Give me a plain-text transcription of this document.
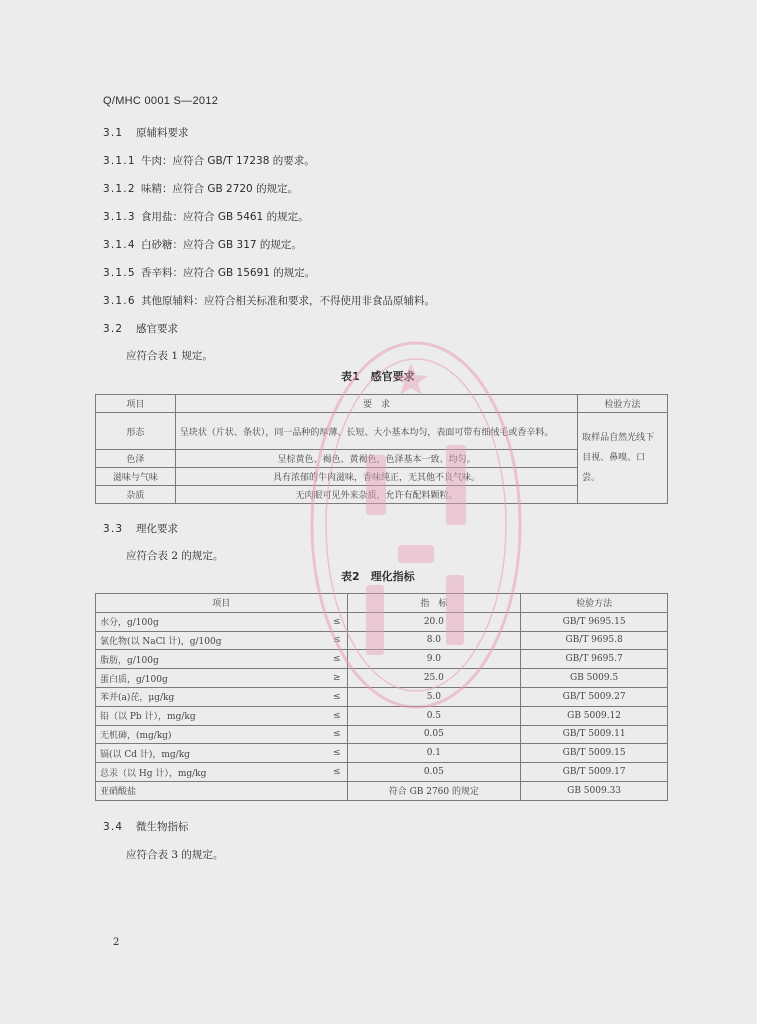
Q/MHC 0001 S—2012
3.1 原辅料要求
3.1.1 牛肉：应符合 GB/T 17238 的要求。
3.1.2 味精：应符合 GB 2720 的规定。
3.1.3 食用盐：应符合 GB 5461 的规定。
3.1.4 白砂糖：应符合 GB 317 的规定。
3.1.5 香辛料：应符合 GB 15691 的规定。
3.1.6 其他原辅料：应符合相关标准和要求，不得使用非食品原辅料。
3.2 感官要求
应符合表 1 规定。
表1　感官要求
项目	要　求	检验方法
形态	呈块状（片状、条状），同一品种的厚薄、长短、大小基本均匀，表面可带有细绒毛或香辛料。	取样品自然光线下目视、鼻嗅、口尝。
色泽	呈棕黄色、褐色、黄褐色，色泽基本一致、均匀。	
滋味与气味	具有浓郁的牛肉滋味，香味纯正，无其他不良气味。	
杂质	无肉眼可见外来杂质，允许有配料颗粒。	
3.3 理化要求
应符合表 2 的规定。
表2　理化指标
项目		指　标	检验方法
水分，g/100g	≤	20.0	GB/T 9695.15
氯化物(以 NaCl 计)，g/100g	≤	8.0	GB/T 9695.8
脂肪，g/100g	≤	9.0	GB/T 9695.7
蛋白质，g/100g	≥	25.0	GB 5009.5
苯并(a)芘，μg/kg	≤	5.0	GB/T 5009.27
铅（以 Pb 计），mg/kg	≤	0.5	GB 5009.12
无机砷，(mg/kg)	≤	0.05	GB/T 5009.11
镉(以 Cd 计)，mg/kg	≤	0.1	GB/T 5009.15
总汞（以 Hg 计），mg/kg	≤	0.05	GB/T 5009.17
亚硝酸盐		符合 GB 2760 的规定	GB 5009.33
3.4 微生物指标
应符合表 3 的规定。
2
